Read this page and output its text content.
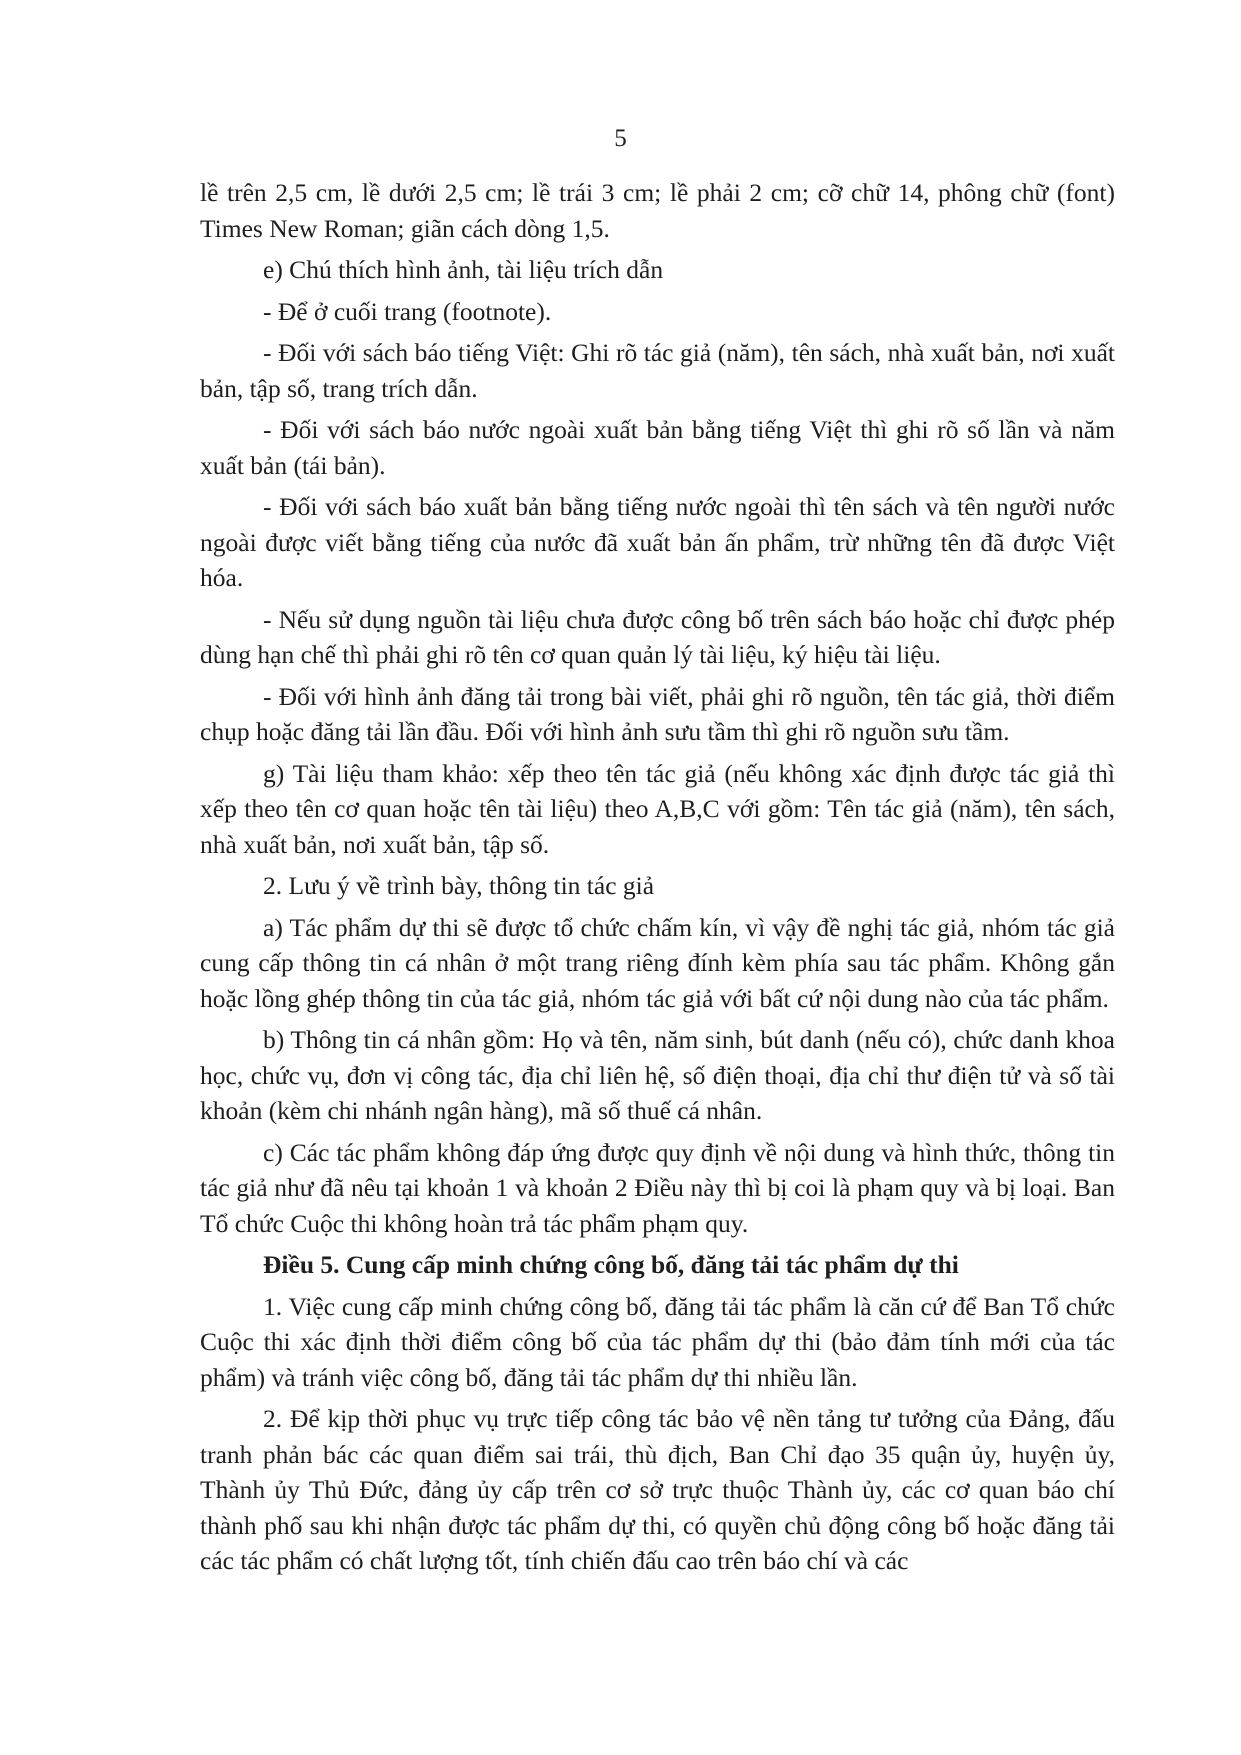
5

lề trên 2,5 cm, lề dưới 2,5 cm; lề trái 3 cm; lề phải 2 cm; cỡ chữ 14, phông chữ (font) Times New Roman; giãn cách dòng 1,5.

e) Chú thích hình ảnh, tài liệu trích dẫn

- Để ở cuối trang (footnote).

- Đối với sách báo tiếng Việt: Ghi rõ tác giả (năm), tên sách, nhà xuất bản, nơi xuất bản, tập số, trang trích dẫn.

- Đối với sách báo nước ngoài xuất bản bằng tiếng Việt thì ghi rõ số lần và năm xuất bản (tái bản).

- Đối với sách báo xuất bản bằng tiếng nước ngoài thì tên sách và tên người nước ngoài được viết bằng tiếng của nước đã xuất bản ấn phẩm, trừ những tên đã được Việt hóa.

- Nếu sử dụng nguồn tài liệu chưa được công bố trên sách báo hoặc chỉ được phép dùng hạn chế thì phải ghi rõ tên cơ quan quản lý tài liệu, ký hiệu tài liệu.

- Đối với hình ảnh đăng tải trong bài viết, phải ghi rõ nguồn, tên tác giả, thời điểm chụp hoặc đăng tải lần đầu. Đối với hình ảnh sưu tầm thì ghi rõ nguồn sưu tầm.

g) Tài liệu tham khảo: xếp theo tên tác giả (nếu không xác định được tác giả thì xếp theo tên cơ quan hoặc tên tài liệu) theo A,B,C với gồm: Tên tác giả (năm), tên sách, nhà xuất bản, nơi xuất bản, tập số.

2. Lưu ý về trình bày, thông tin tác giả

a) Tác phẩm dự thi sẽ được tổ chức chấm kín, vì vậy đề nghị tác giả, nhóm tác giả cung cấp thông tin cá nhân ở một trang riêng đính kèm phía sau tác phẩm. Không gắn hoặc lồng ghép thông tin của tác giả, nhóm tác giả với bất cứ nội dung nào của tác phẩm.

b) Thông tin cá nhân gồm: Họ và tên, năm sinh, bút danh (nếu có), chức danh khoa học, chức vụ, đơn vị công tác, địa chỉ liên hệ, số điện thoại, địa chỉ thư điện tử và số tài khoản (kèm chi nhánh ngân hàng), mã số thuế cá nhân.

c) Các tác phẩm không đáp ứng được quy định về nội dung và hình thức, thông tin tác giả như đã nêu tại khoản 1 và khoản 2 Điều này thì bị coi là phạm quy và bị loại. Ban Tổ chức Cuộc thi không hoàn trả tác phẩm phạm quy.

Điều 5. Cung cấp minh chứng công bố, đăng tải tác phẩm dự thi

1. Việc cung cấp minh chứng công bố, đăng tải tác phẩm là căn cứ để Ban Tổ chức Cuộc thi xác định thời điểm công bố của tác phẩm dự thi (bảo đảm tính mới của tác phẩm) và tránh việc công bố, đăng tải tác phẩm dự thi nhiều lần.

2. Để kịp thời phục vụ trực tiếp công tác bảo vệ nền tảng tư tưởng của Đảng, đấu tranh phản bác các quan điểm sai trái, thù địch, Ban Chỉ đạo 35 quận ủy, huyện ủy, Thành ủy Thủ Đức, đảng ủy cấp trên cơ sở trực thuộc Thành ủy, các cơ quan báo chí thành phố sau khi nhận được tác phẩm dự thi, có quyền chủ động công bố hoặc đăng tải các tác phẩm có chất lượng tốt, tính chiến đấu cao trên báo chí và các
